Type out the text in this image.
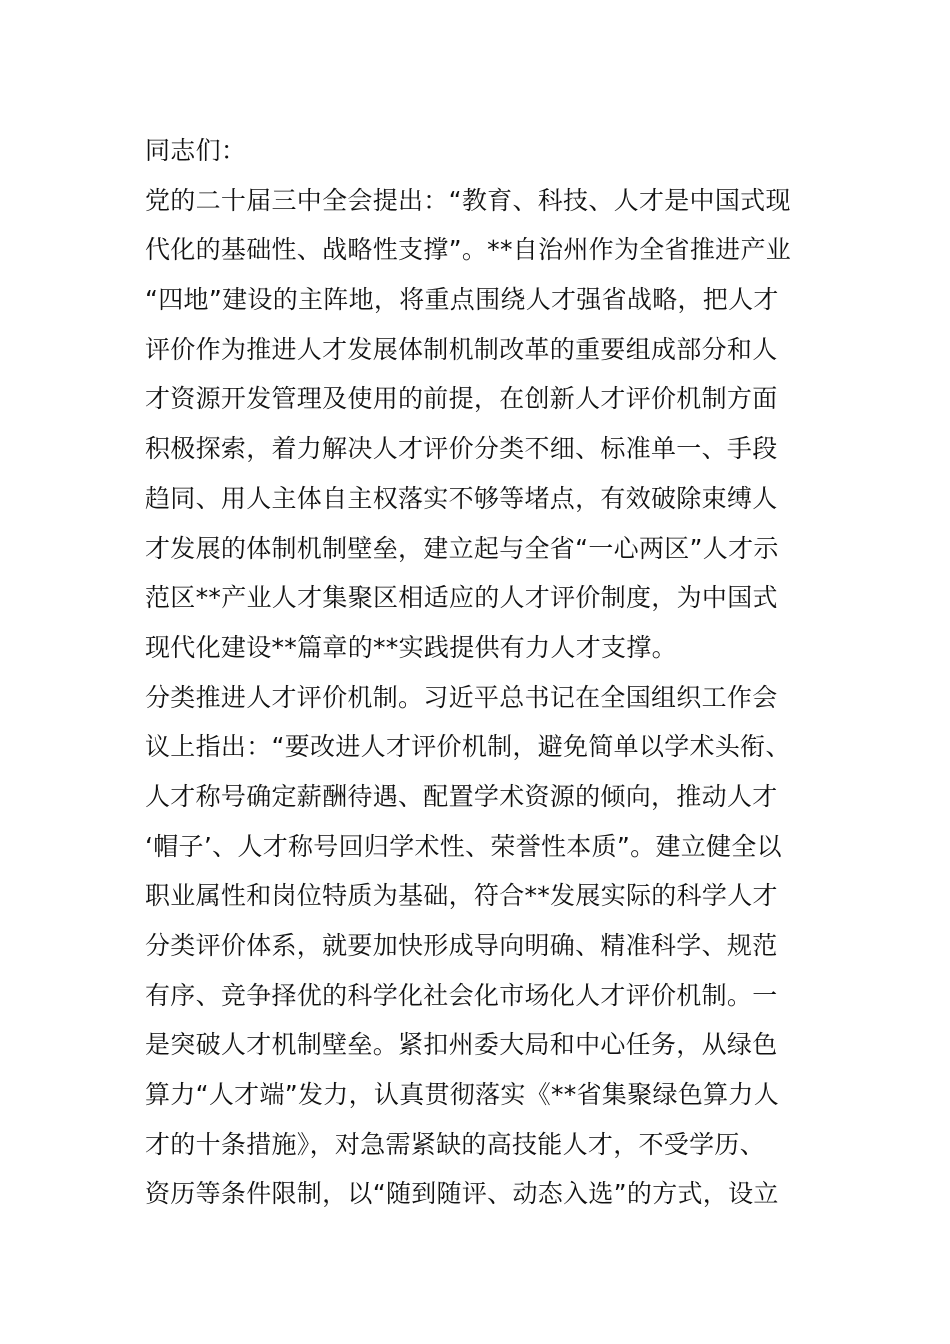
同志们：
党的二十届三中全会提出：“教育、科技、人才是中国式现
代化的基础性、战略性支撑”。**自治州作为全省推进产业
“四地”建设的主阵地，将重点围绕人才强省战略，把人才
评价作为推进人才发展体制机制改革的重要组成部分和人
才资源开发管理及使用的前提，在创新人才评价机制方面
积极探索，着力解决人才评价分类不细、标准单一、手段
趋同、用人主体自主权落实不够等堵点，有效破除束缚人
才发展的体制机制壁垒，建立起与全省“一心两区”人才示
范区**产业人才集聚区相适应的人才评价制度，为中国式
现代化建设**篇章的**实践提供有力人才支撑。
分类推进人才评价机制。习近平总书记在全国组织工作会
议上指出：“要改进人才评价机制，避免简单以学术头衔、
人才称号确定薪酬待遇、配置学术资源的倾向，推动人才
‘帽子’、人才称号回归学术性、荣誉性本质”。建立健全以
职业属性和岗位特质为基础，符合**发展实际的科学人才
分类评价体系，就要加快形成导向明确、精准科学、规范
有序、竞争择优的科学化社会化市场化人才评价机制。一
是突破人才机制壁垒。紧扣州委大局和中心任务，从绿色
算力“人才端”发力，认真贯彻落实《**省集聚绿色算力人
才的十条措施》，对急需紧缺的高技能人才，不受学历、
资历等条件限制，以“随到随评、动态入选”的方式，设立
